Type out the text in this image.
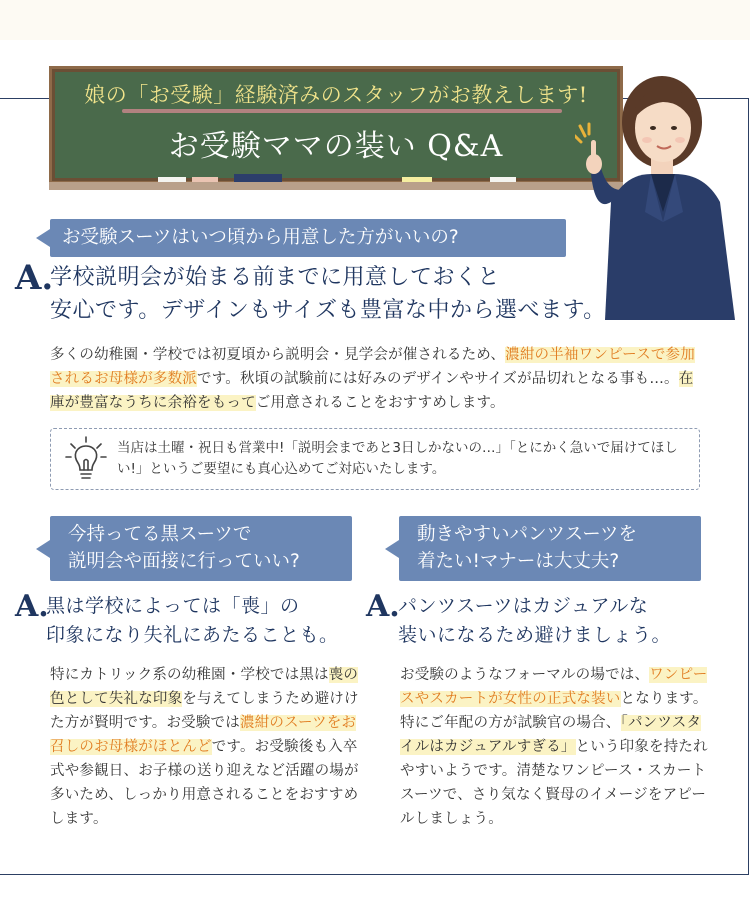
娘の「お受験」経験済みのスタッフがお教えします!
お受験ママの装い Q&A
お受験スーツはいつ頃から用意した方がいいの?
A.
学校説明会が始まる前までに用意しておくと
安心です。デザインもサイズも豊富な中から選べます。
多くの幼稚園・学校では初夏頃から説明会・見学会が催されるため、濃紺の半袖ワンピースで参加されるお母様が多数派です。秋頃の試験前には好みのデザインやサイズが品切れとなる事も…。在庫が豊富なうちに余裕をもってご用意されることをおすすめします。
当店は土曜・祝日も営業中!「説明会まであと3日しかないの…」「とにかく急いで届けてほしい!」というご要望にも真心込めてご対応いたします。
今持ってる黒スーツで
説明会や面接に行っていい?
A.
黒は学校によっては「喪」の
印象になり失礼にあたることも。
特にカトリック系の幼稚園・学校では黒は喪の色として失礼な印象を与えてしまうため避けけた方が賢明です。お受験では濃紺のスーツをお召しのお母様がほとんどです。お受験後も入卒式や参観日、お子様の送り迎えなど活躍の場が多いため、しっかり用意されることをおすすめします。
動きやすいパンツスーツを
着たい!マナーは大丈夫?
A.
パンツスーツはカジュアルな
装いになるため避けましょう。
お受験のようなフォーマルの場では、ワンピースやスカートが女性の正式な装いとなります。特にご年配の方が試験官の場合、「パンツスタイルはカジュアルすぎる」という印象を持たれやすいようです。清楚なワンピース・スカートスーツで、さり気なく賢母のイメージをアピールしましょう。
